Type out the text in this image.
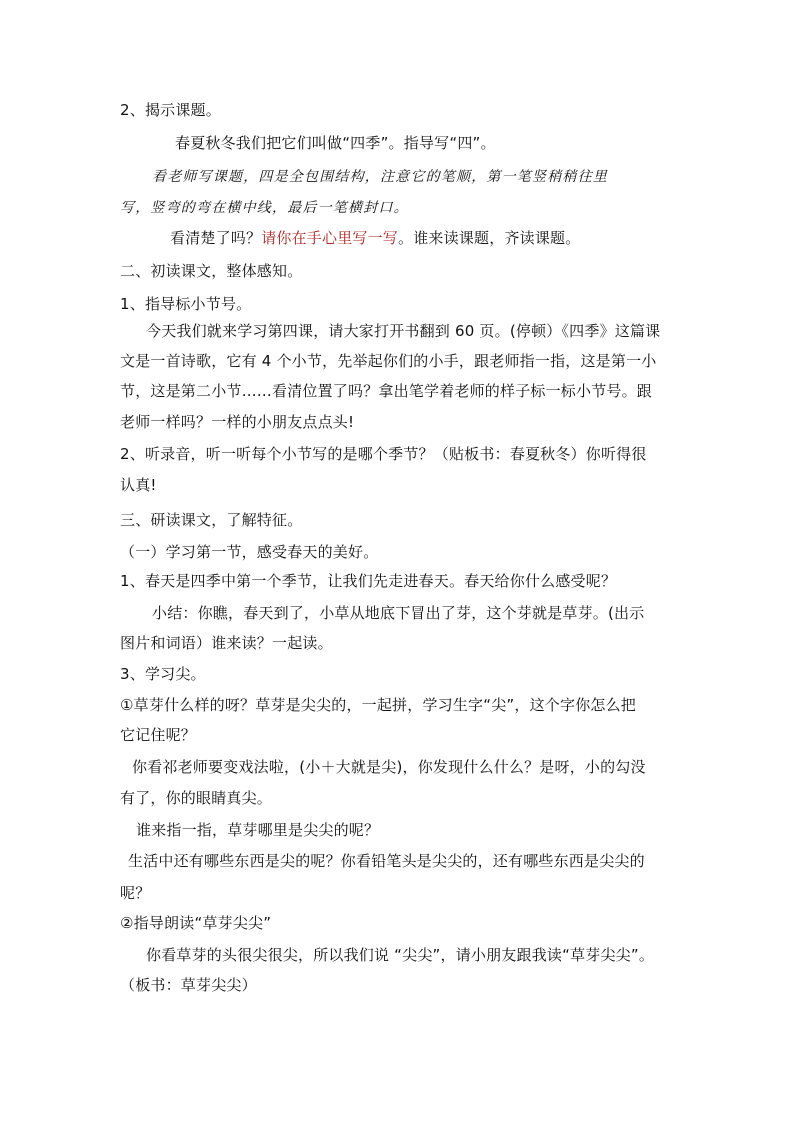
2、揭示课题。
春夏秋冬我们把它们叫做“四季”。指导写“四”。
看老师写课题，四是全包围结构，注意它的笔顺，第一笔竖稍稍往里
写，竖弯的弯在横中线，最后一笔横封口。
看清楚了吗？请你在手心里写一写。谁来读课题，齐读课题。
二、初读课文，整体感知。
1、指导标小节号。
今天我们就来学习第四课，请大家打开书翻到 60 页。(停顿）《四季》这篇课
文是一首诗歌，它有 4 个小节，先举起你们的小手，跟老师指一指，这是第一小
节，这是第二小节……看清位置了吗？拿出笔学着老师的样子标一标小节号。跟
老师一样吗？一样的小朋友点点头!
2、听录音，听一听每个小节写的是哪个季节？（贴板书：春夏秋冬）你听得很
认真!
三、研读课文，了解特征。
（一）学习第一节，感受春天的美好。
1、春天是四季中第一个季节，让我们先走进春天。春天给你什么感受呢？
小结：你瞧，春天到了，小草从地底下冒出了芽，这个芽就是草芽。(出示
图片和词语）谁来读？一起读。
3、学习尖。
①草芽什么样的呀？草芽是尖尖的，一起拼，学习生字“尖”，这个字你怎么把
它记住呢？
你看祁老师要变戏法啦，(小＋大就是尖)，你发现什么什么？是呀，小的勾没
有了，你的眼睛真尖。
谁来指一指，草芽哪里是尖尖的呢？
生活中还有哪些东西是尖的呢？你看铅笔头是尖尖的，还有哪些东西是尖尖的
呢？
②指导朗读“草芽尖尖”
你看草芽的头很尖很尖，所以我们说 “尖尖”，请小朋友跟我读“草芽尖尖”。
（板书：草芽尖尖）
